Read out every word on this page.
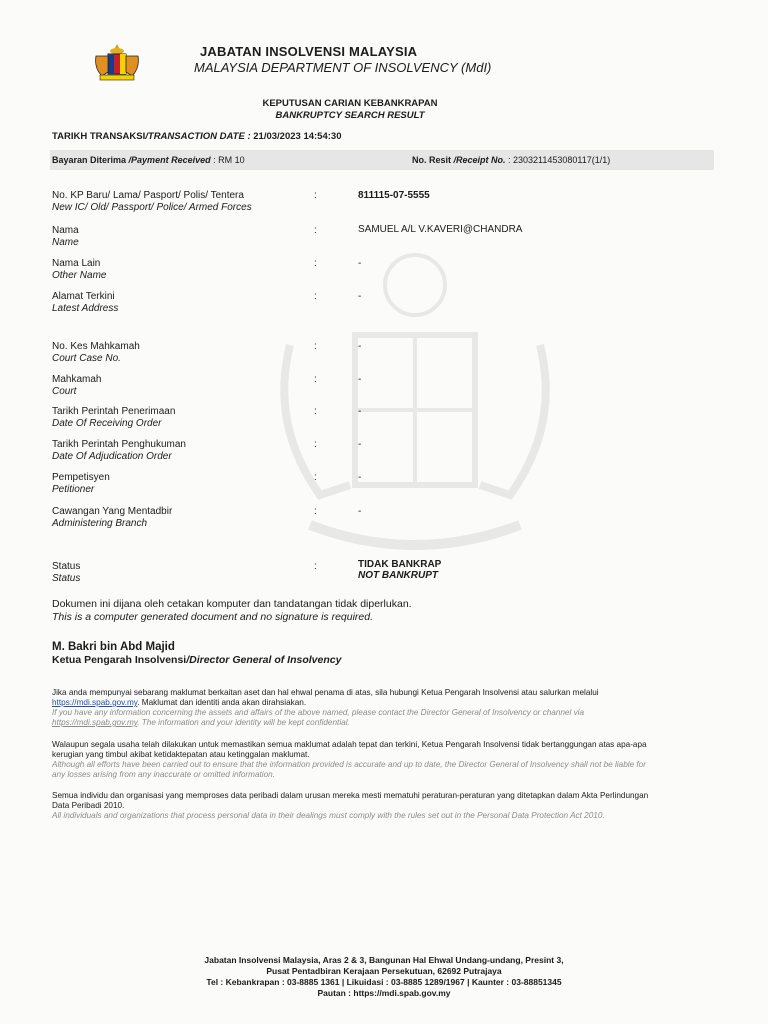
JABATAN INSOLVENSI MALAYSIA
MALAYSIA DEPARTMENT OF INSOLVENCY (MdI)
KEPUTUSAN CARIAN KEBANKRAPAN
BANKRUPTCY SEARCH RESULT
TARIKH TRANSAKSI/TRANSACTION DATE : 21/03/2023 14:54:30
Bayaran Diterima /Payment Received : RM 10	No. Resit /Receipt No. : 2303211453080117(1/1)
No. KP Baru/ Lama/ Pasport/ Polis/ Tentera
New IC/ Old/ Passport/ Police/ Armed Forces
:	811115-07-5555
Nama
Name
:	SAMUEL A/L V.KAVERI@CHANDRA
Nama Lain
Other Name
:	-
Alamat Terkini
Latest Address
:	-
No. Kes Mahkamah
Court Case No.
:	-
Mahkamah
Court
:	-
Tarikh Perintah Penerimaan
Date Of Receiving Order
:	-
Tarikh Perintah Penghukuman
Date Of Adjudication Order
:	-
Pempetisyen
Petitioner
:	-
Cawangan Yang Mentadbir
Administering Branch
:	-
Status
Status
:	TIDAK BANKRAP
NOT BANKRUPT
Dokumen ini dijana oleh cetakan komputer dan tandatangan tidak diperlukan.
This is a computer generated document and no signature is required.
M. Bakri bin Abd Majid
Ketua Pengarah Insolvensi/Director General of Insolvency
Jika anda mempunyai sebarang maklumat berkaitan aset dan hal ehwal penama di atas, sila hubungi Ketua Pengarah Insolvensi atau salurkan melalui https://mdi.spab.gov.my. Maklumat dan identiti anda akan dirahsiakan.
If you have any information concerning the assets and affairs of the above named, please contact the Director General of Insolvency or channel via https://mdi.spab.gov.my. The information and your identity will be kept confidential.
Walaupun segala usaha telah dilakukan untuk memastikan semua maklumat adalah tepat dan terkini, Ketua Pengarah Insolvensi tidak bertanggungan atas apa-apa kerugian yang timbul akibat ketidaktepatan atau ketinggalan maklumat.
Although all efforts have been carried out to ensure that the information provided is accurate and up to date, the Director General of Insolvency shall not be liable for any losses arising from any inaccurate or omitted information.
Semua individu dan organisasi yang memproses data peribadi dalam urusan mereka mesti mematuhi peraturan-peraturan yang ditetapkan dalam Akta Perlindungan Data Peribadi 2010.
All individuals and organizations that process personal data in their dealings must comply with the rules set out in the Personal Data Protection Act 2010.
Jabatan Insolvensi Malaysia, Aras 2 & 3, Bangunan Hal Ehwal Undang-undang, Presint 3,
Pusat Pentadbiran Kerajaan Persekutuan, 62692 Putrajaya
Tel : Kebankrapan : 03-8885 1361 | Likuidasi : 03-8885 1289/1967 | Kaunter : 03-88851345
Pautan : https://mdi.spab.gov.my
